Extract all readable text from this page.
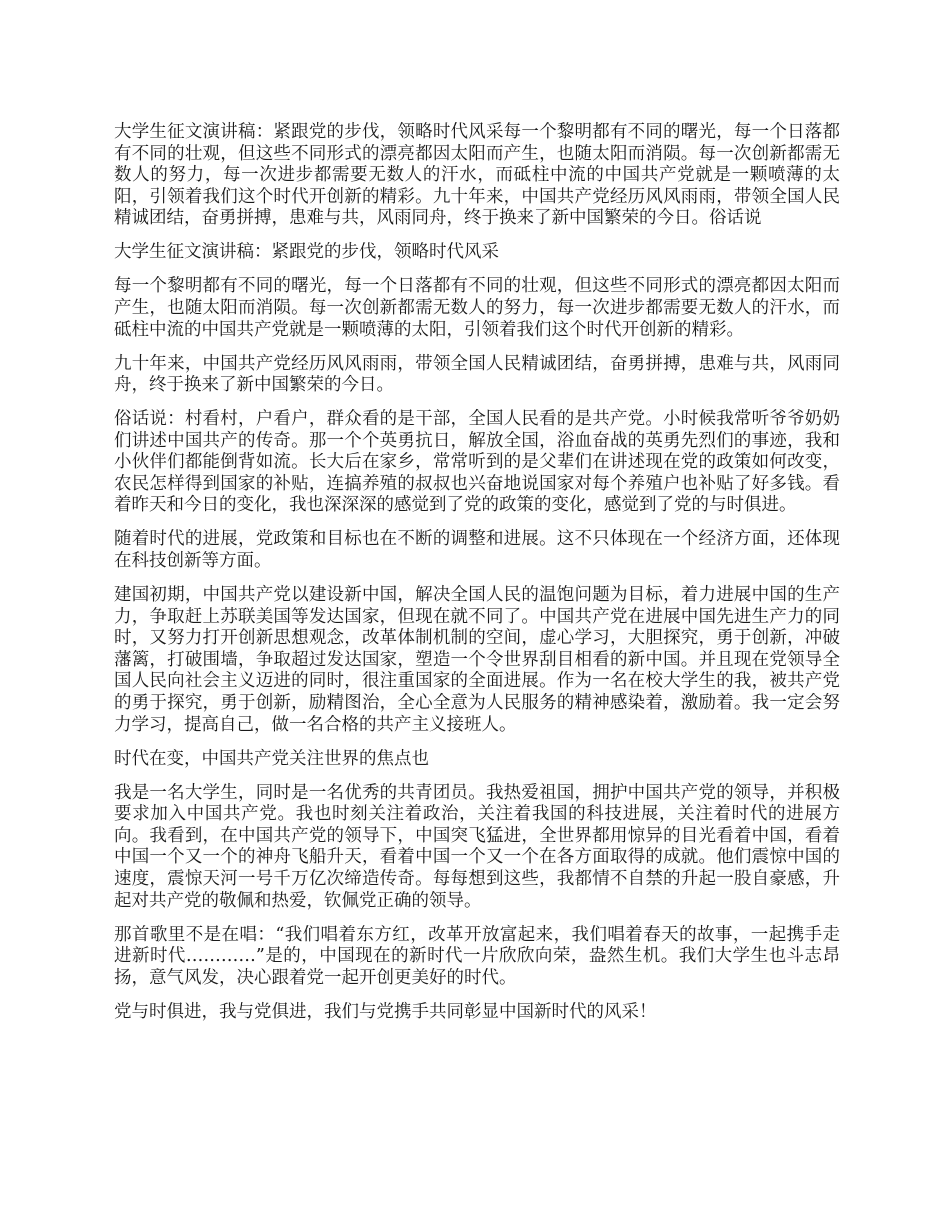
大学生征文演讲稿：紧跟党的步伐，领略时代风采每一个黎明都有不同的曙光，每一个日落都有不同的壮观，但这些不同形式的漂亮都因太阳而产生，也随太阳而消陨。每一次创新都需无数人的努力，每一次进步都需要无数人的汗水，而砥柱中流的中国共产党就是一颗喷薄的太阳，引领着我们这个时代开创新的精彩。九十年来，中国共产党经历风风雨雨，带领全国人民精诚团结，奋勇拼搏，患难与共，风雨同舟，终于换来了新中国繁荣的今日。俗话说

大学生征文演讲稿：紧跟党的步伐，领略时代风采

每一个黎明都有不同的曙光，每一个日落都有不同的壮观，但这些不同形式的漂亮都因太阳而产生，也随太阳而消陨。每一次创新都需无数人的努力，每一次进步都需要无数人的汗水，而砥柱中流的中国共产党就是一颗喷薄的太阳，引领着我们这个时代开创新的精彩。

九十年来，中国共产党经历风风雨雨，带领全国人民精诚团结，奋勇拼搏，患难与共，风雨同舟，终于换来了新中国繁荣的今日。

俗话说：村看村，户看户，群众看的是干部，全国人民看的是共产党。小时候我常听爷爷奶奶们讲述中国共产的传奇。那一个个英勇抗日，解放全国，浴血奋战的英勇先烈们的事迹，我和小伙伴们都能倒背如流。长大后在家乡，常常听到的是父辈们在讲述现在党的政策如何改变，农民怎样得到国家的补贴，连搞养殖的叔叔也兴奋地说国家对每个养殖户也补贴了好多钱。看着昨天和今日的变化，我也深深深的感觉到了党的政策的变化，感觉到了党的与时俱进。

随着时代的进展，党政策和目标也在不断的调整和进展。这不只体现在一个经济方面，还体现在科技创新等方面。

建国初期，中国共产党以建设新中国，解决全国人民的温饱问题为目标，着力进展中国的生产力，争取赶上苏联美国等发达国家，但现在就不同了。中国共产党在进展中国先进生产力的同时，又努力打开创新思想观念，改革体制机制的空间，虚心学习，大胆探究，勇于创新，冲破藩篱，打破围墙，争取超过发达国家，塑造一个令世界刮目相看的新中国。并且现在党领导全国人民向社会主义迈进的同时，很注重国家的全面进展。作为一名在校大学生的我，被共产党的勇于探究，勇于创新，励精图治，全心全意为人民服务的精神感染着，激励着。我一定会努力学习，提高自己，做一名合格的共产主义接班人。

时代在变，中国共产党关注世界的焦点也

我是一名大学生，同时是一名优秀的共青团员。我热爱祖国，拥护中国共产党的领导，并积极要求加入中国共产党。我也时刻关注着政治，关注着我国的科技进展，关注着时代的进展方向。我看到，在中国共产党的领导下，中国突飞猛进，全世界都用惊异的目光看着中国，看着中国一个又一个的神舟飞船升天，看着中国一个又一个在各方面取得的成就。他们震惊中国的速度，震惊天河一号千万亿次缔造传奇。每每想到这些，我都情不自禁的升起一股自豪感，升起对共产党的敬佩和热爱，钦佩党正确的领导。

那首歌里不是在唱：“我们唱着东方红，改革开放富起来，我们唱着春天的故事，一起携手走进新时代…………”是的，中国现在的新时代一片欣欣向荣，盎然生机。我们大学生也斗志昂扬，意气风发，决心跟着党一起开创更美好的时代。

党与时俱进，我与党俱进，我们与党携手共同彰显中国新时代的风采！
